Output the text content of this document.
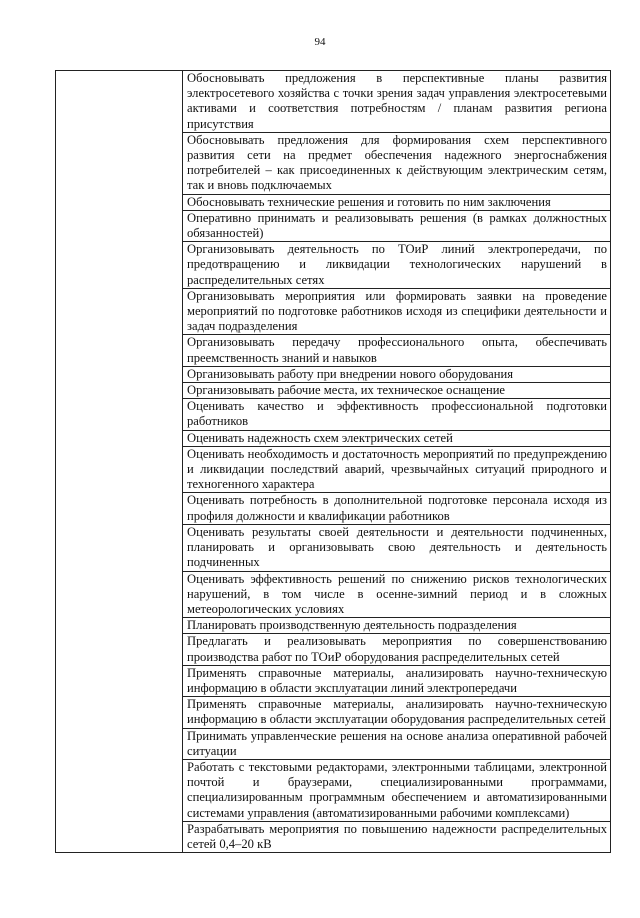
94
	Обосновывать предложения в перспективные планы развития электросетевого хозяйства с точки зрения задач управления электросетевыми активами и соответствия потребностям / планам развития региона присутствия
Обосновывать предложения для формирования схем перспективного развития сети на предмет обеспечения надежного энергоснабжения потребителей – как присоединенных к действующим электрическим сетям, так и вновь подключаемых
Обосновывать технические решения и готовить по ним заключения
Оперативно принимать и реализовывать решения (в рамках должностных обязанностей)
Организовывать деятельность по ТОиР линий электропередачи, по предотвращению и ликвидации технологических нарушений в распределительных сетях
Организовывать мероприятия или формировать заявки на проведение мероприятий по подготовке работников исходя из специфики деятельности и задач подразделения
Организовывать передачу профессионального опыта, обеспечивать преемственность знаний и навыков
Организовывать работу при внедрении нового оборудования
Организовывать рабочие места, их техническое оснащение
Оценивать качество и эффективность профессиональной подготовки работников
Оценивать надежность схем электрических сетей
Оценивать необходимость и достаточность мероприятий по предупреждению и ликвидации последствий аварий, чрезвычайных ситуаций природного и техногенного характера
Оценивать потребность в дополнительной подготовке персонала исходя из профиля должности и квалификации работников
Оценивать результаты своей деятельности и деятельности подчиненных, планировать и организовывать свою деятельность и деятельность подчиненных
Оценивать эффективность решений по снижению рисков технологических нарушений, в том числе в осенне-зимний период и в сложных метеорологических условиях
Планировать производственную деятельность подразделения
Предлагать и реализовывать мероприятия по совершенствованию производства работ по ТОиР оборудования распределительных сетей
Применять справочные материалы, анализировать научно-техническую информацию в области эксплуатации линий электропередачи
Применять справочные материалы, анализировать научно-техническую информацию в области эксплуатации оборудования распределительных сетей
Принимать управленческие решения на основе анализа оперативной рабочей ситуации
Работать с текстовыми редакторами, электронными таблицами, электронной почтой и браузерами, специализированными программами, специализированным программным обеспечением и автоматизированными системами управления (автоматизированными рабочими комплексами)
Разрабатывать мероприятия по повышению надежности распределительных сетей 0,4–20 кВ
